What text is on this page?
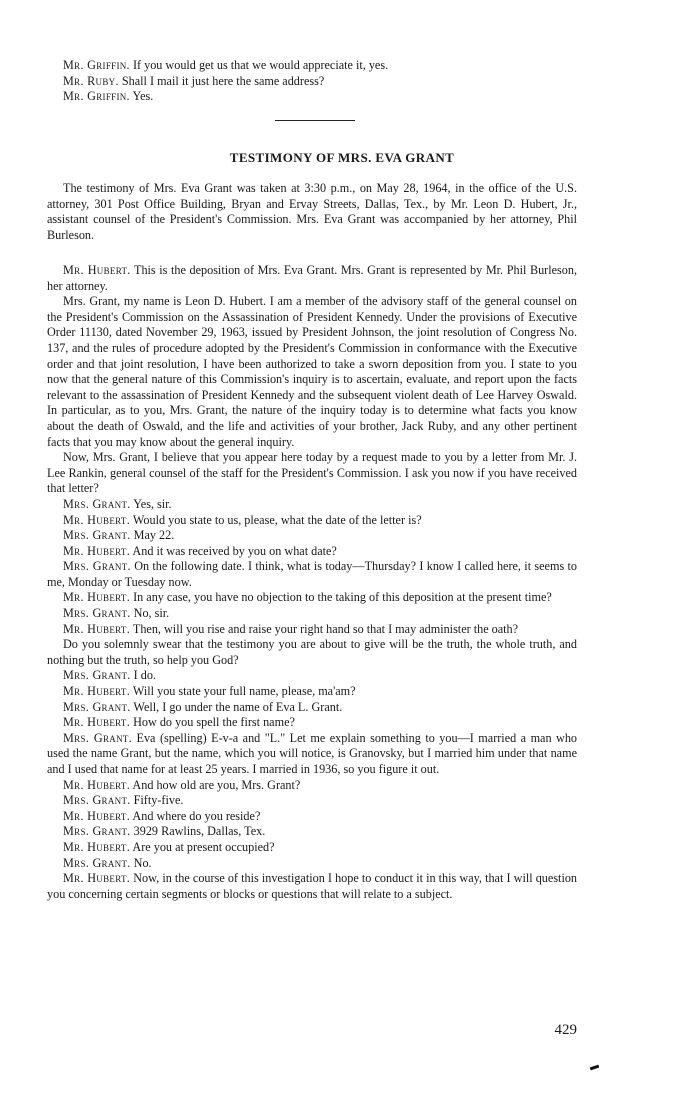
Mr. Griffin. If you would get us that we would appreciate it, yes.

Mr. Ruby. Shall I mail it just here the same address?

Mr. Griffin. Yes.

TESTIMONY OF MRS. EVA GRANT

The testimony of Mrs. Eva Grant was taken at 3:30 p.m., on May 28, 1964, in the office of the U.S. attorney, 301 Post Office Building, Bryan and Ervay Streets, Dallas, Tex., by Mr. Leon D. Hubert, Jr., assistant counsel of the President's Commission. Mrs. Eva Grant was accompanied by her attorney, Phil Burleson.

Mr. Hubert. This is the deposition of Mrs. Eva Grant. Mrs. Grant is represented by Mr. Phil Burleson, her attorney.

Mrs. Grant, my name is Leon D. Hubert. I am a member of the advisory staff of the general counsel on the President's Commission on the Assassination of President Kennedy. Under the provisions of Executive Order 11130, dated November 29, 1963, issued by President Johnson, the joint resolution of Congress No. 137, and the rules of procedure adopted by the President's Commission in conformance with the Executive order and that joint resolution, I have been authorized to take a sworn deposition from you. I state to you now that the general nature of this Commission's inquiry is to ascertain, evaluate, and report upon the facts relevant to the assassination of President Kennedy and the subsequent violent death of Lee Harvey Oswald. In particular, as to you, Mrs. Grant, the nature of the inquiry today is to determine what facts you know about the death of Oswald, and the life and activities of your brother, Jack Ruby, and any other pertinent facts that you may know about the general inquiry.

Now, Mrs. Grant, I believe that you appear here today by a request made to you by a letter from Mr. J. Lee Rankin, general counsel of the staff for the President's Commission. I ask you now if you have received that letter?

Mrs. Grant. Yes, sir.

Mr. Hubert. Would you state to us, please, what the date of the letter is?

Mrs. Grant. May 22.

Mr. Hubert. And it was received by you on what date?

Mrs. Grant. On the following date. I think, what is today—Thursday? I know I called here, it seems to me, Monday or Tuesday now.

Mr. Hubert. In any case, you have no objection to the taking of this deposition at the present time?

Mrs. Grant. No, sir.

Mr. Hubert. Then, will you rise and raise your right hand so that I may administer the oath?

Do you solemnly swear that the testimony you are about to give will be the truth, the whole truth, and nothing but the truth, so help you God?

Mrs. Grant. I do.

Mr. Hubert. Will you state your full name, please, ma'am?

Mrs. Grant. Well, I go under the name of Eva L. Grant.

Mr. Hubert. How do you spell the first name?

Mrs. Grant. Eva (spelling) E-v-a and "L." Let me explain something to you—I married a man who used the name Grant, but the name, which you will notice, is Granovsky, but I married him under that name and I used that name for at least 25 years. I married in 1936, so you figure it out.

Mr. Hubert. And how old are you, Mrs. Grant?

Mrs. Grant. Fifty-five.

Mr. Hubert. And where do you reside?

Mrs. Grant. 3929 Rawlins, Dallas, Tex.

Mr. Hubert. Are you at present occupied?

Mrs. Grant. No.

Mr. Hubert. Now, in the course of this investigation I hope to conduct it in this way, that I will question you concerning certain segments or blocks or questions that will relate to a subject.

429
